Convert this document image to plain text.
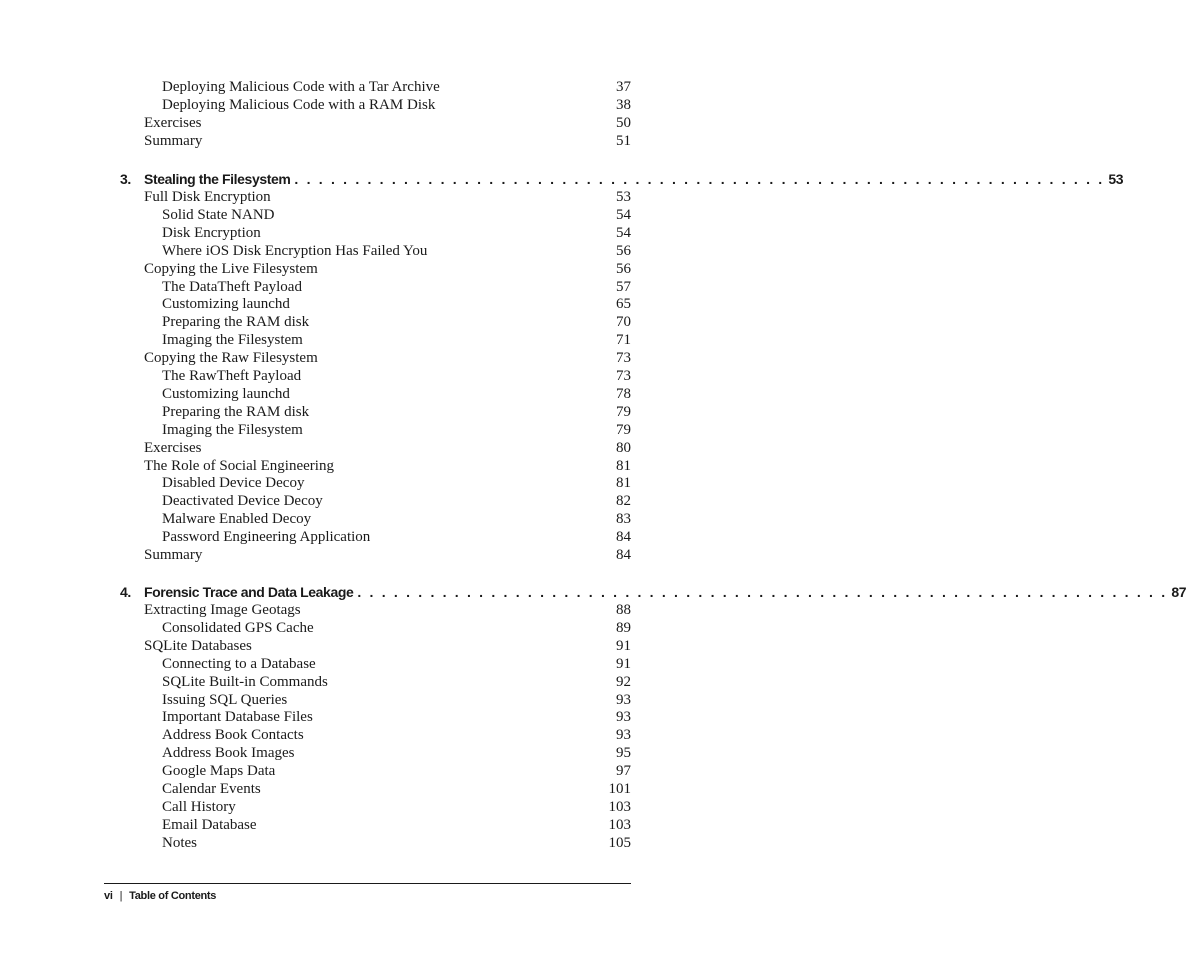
Deploying Malicious Code with a Tar Archive	37
Deploying Malicious Code with a RAM Disk	38
Exercises	50
Summary	51
3. Stealing the Filesystem . . . . . . . . . . . . . . . . . . . . . . . . . . . . . . . . . . . . . . . . . . . . . . . . . . . . . . . . . . . . . . . . . . . 53
Full Disk Encryption	53
Solid State NAND	54
Disk Encryption	54
Where iOS Disk Encryption Has Failed You	56
Copying the Live Filesystem	56
The DataTheft Payload	57
Customizing launchd	65
Preparing the RAM disk	70
Imaging the Filesystem	71
Copying the Raw Filesystem	73
The RawTheft Payload	73
Customizing launchd	78
Preparing the RAM disk	79
Imaging the Filesystem	79
Exercises	80
The Role of Social Engineering	81
Disabled Device Decoy	81
Deactivated Device Decoy	82
Malware Enabled Decoy	83
Password Engineering Application	84
Summary	84
4. Forensic Trace and Data Leakage . . . . . . . . . . . . . . . . . . . . . . . . . . . . . . . . . . . . . . . . . . . . . . . . . . . . . . . . . . . . . . . . . . . 87
Extracting Image Geotags	88
Consolidated GPS Cache	89
SQLite Databases	91
Connecting to a Database	91
SQLite Built-in Commands	92
Issuing SQL Queries	93
Important Database Files	93
Address Book Contacts	93
Address Book Images	95
Google Maps Data	97
Calendar Events	101
Call History	103
Email Database	103
Notes	105
vi | Table of Contents
